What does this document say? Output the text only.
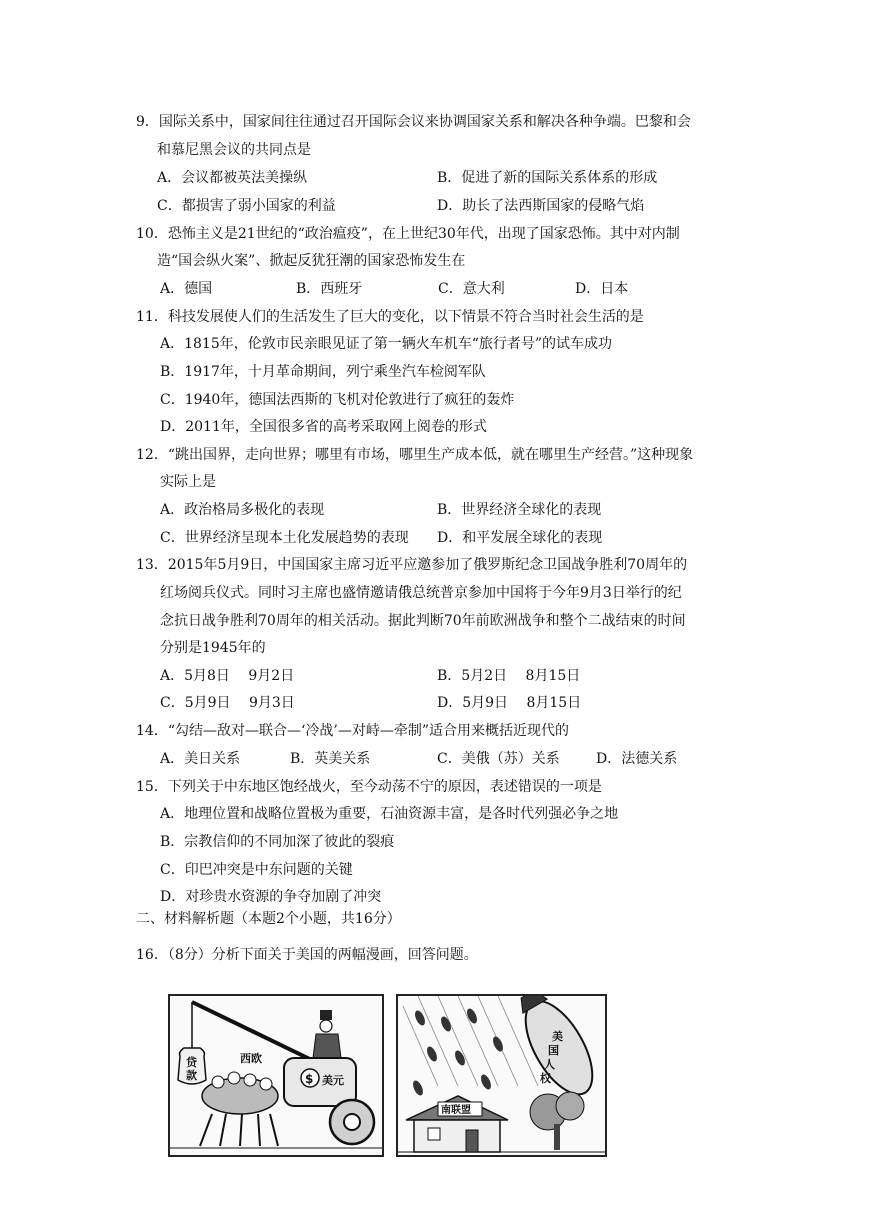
9．国际关系中，国家间往往通过召开国际会议来协调国家关系和解决各种争端。巴黎和会
和慕尼黑会议的共同点是
A．会议都被英法美操纵	B．促进了新的国际关系体系的形成
C．都损害了弱小国家的利益	D．助长了法西斯国家的侵略气焰
10．恐怖主义是21世纪的“政治瘟疫”，在上世纪30年代，出现了国家恐怖。其中对内制
造“国会纵火案”、掀起反犹狂潮的国家恐怖发生在
A．德国	B．西班牙	C．意大利	D．日本
11．科技发展使人们的生活发生了巨大的变化，以下情景不符合当时社会生活的是
A．1815年，伦敦市民亲眼见证了第一辆火车机车“旅行者号”的试车成功
B．1917年，十月革命期间，列宁乘坐汽车检阅军队
C．1940年，德国法西斯的飞机对伦敦进行了疯狂的轰炸
D．2011年，全国很多省的高考采取网上阅卷的形式
12．“跳出国界，走向世界；哪里有市场，哪里生产成本低，就在哪里生产经营。”这种现象
实际上是
A．政治格局多极化的表现	B．世界经济全球化的表现
C．世界经济呈现本土化发展趋势的表现 D．和平发展全球化的表现
13．2015年5月9日，中国国家主席习近平应邀参加了俄罗斯纪念卫国战争胜利70周年的
红场阅兵仪式。同时习主席也盛情邀请俄总统普京参加中国将于今年9月3日举行的纪
念抗日战争胜利70周年的相关活动。据此判断70年前欧洲战争和整个二战结束的时间
分别是1945年的
A．5月8日　 9月2日	B．5月2日　 8月15日
C．5月9日　 9月3日	D．5月9日　 8月15日
14．“勾结—敌对—联合—‘冷战’—对峙—牵制”适合用来概括近现代的
A．美日关系	B．英美关系	C．美俄（苏）关系	D．法德关系
15．下列关于中东地区饱经战火，至今动荡不宁的原因，表述错误的一项是
A．地理位置和战略位置极为重要，石油资源丰富，是各时代列强必争之地
B．宗教信仰的不同加深了彼此的裂痕
C．印巴冲突是中东问题的关键
D．对珍贵水资源的争夺加剧了冲突
二、材料解析题（本题2个小题，共16分）
16．（8分）分析下面关于美国的两幅漫画，回答问题。
贷
款	$ 美元
西欧
美
国
人
权
南联盟
